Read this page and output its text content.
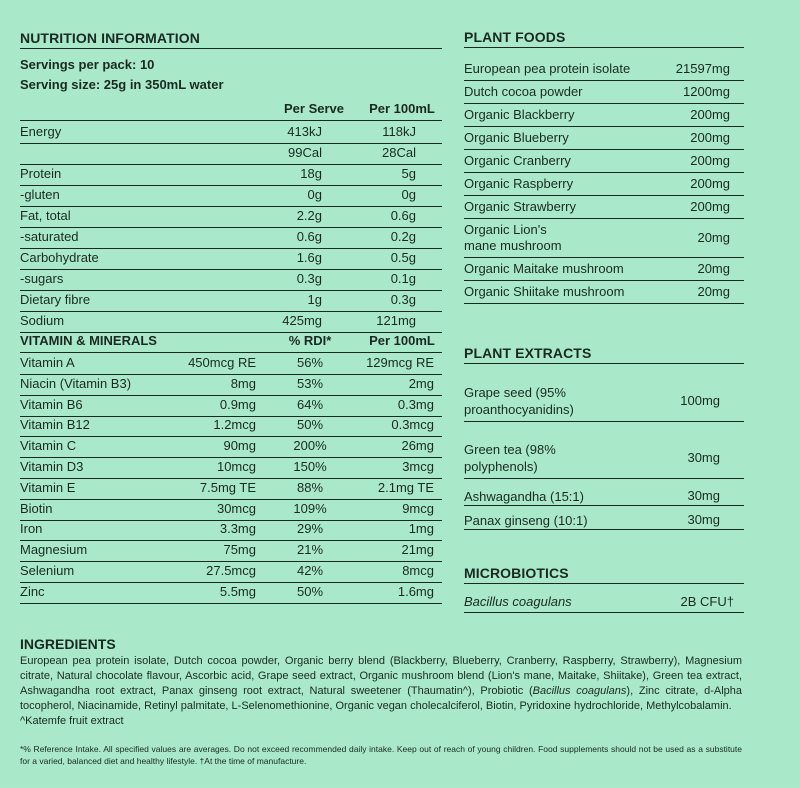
NUTRITION INFORMATION
Servings per pack: 10
Serving size: 25g in 350mL water
Per Serve	Per 100mL
Energy	413kJ	118kJ
99Cal	28Cal
Protein	18g	5g
-gluten	0g	0g
Fat, total	2.2g	0.6g
-saturated	0.6g	0.2g
Carbohydrate	1.6g	0.5g
-sugars	0.3g	0.1g
Dietary fibre	1g	0.3g
Sodium	425mg	121mg
VITAMIN & MINERALS	% RDI*	Per 100mL
Vitamin A	450mcg RE	56%	129mcg RE
Niacin (Vitamin B3)	8mg	53%	2mg
Vitamin B6	0.9mg	64%	0.3mg
Vitamin B12	1.2mcg	50%	0.3mcg
Vitamin C	90mg	200%	26mg
Vitamin D3	10mcg	150%	3mcg
Vitamin E	7.5mg TE	88%	2.1mg TE
Biotin	30mcg	109%	9mcg
Iron	3.3mg	29%	1mg
Magnesium	75mg	21%	21mg
Selenium	27.5mcg	42%	8mcg
Zinc	5.5mg	50%	1.6mg
PLANT FOODS
European pea protein isolate	21597mg
Dutch cocoa powder	1200mg
Organic Blackberry	200mg
Organic Blueberry	200mg
Organic Cranberry	200mg
Organic Raspberry	200mg
Organic Strawberry	200mg
Organic Lion's
mane mushroom
20mg
Organic Maitake mushroom	20mg
Organic Shiitake mushroom	20mg
PLANT EXTRACTS
Grape seed (95%
proanthocyanidins)
100mg
Green tea (98%
polyphenols)
30mg
Ashwagandha (15:1)	30mg
Panax ginseng (10:1)	30mg
MICROBIOTICS
Bacillus coagulans	2B CFU†
INGREDIENTS

European pea protein isolate, Dutch cocoa powder, Organic berry blend (Blackberry, Blueberry, Cranberry, Raspberry, Strawberry), Magnesium citrate, Natural chocolate flavour, Ascorbic acid, Grape seed extract, Organic mushroom blend (Lion's mane, Maitake, Shiitake), Green tea extract, Ashwagandha root extract, Panax ginseng root extract, Natural sweetener (Thaumatin^), Probiotic (Bacillus coagulans), Zinc citrate, d-Alpha tocopherol, Niacinamide, Retinyl palmitate, L-Selenomethionine, Organic vegan cholecalciferol, Biotin, Pyridoxine hydrochloride, Methylcobalamin.

^Katemfe fruit extract

*% Reference Intake. All specified values are averages. Do not exceed recommended daily intake. Keep out of reach of young children. Food supplements should not be used as a substitute for a varied, balanced diet and healthy lifestyle. †At the time of manufacture.
